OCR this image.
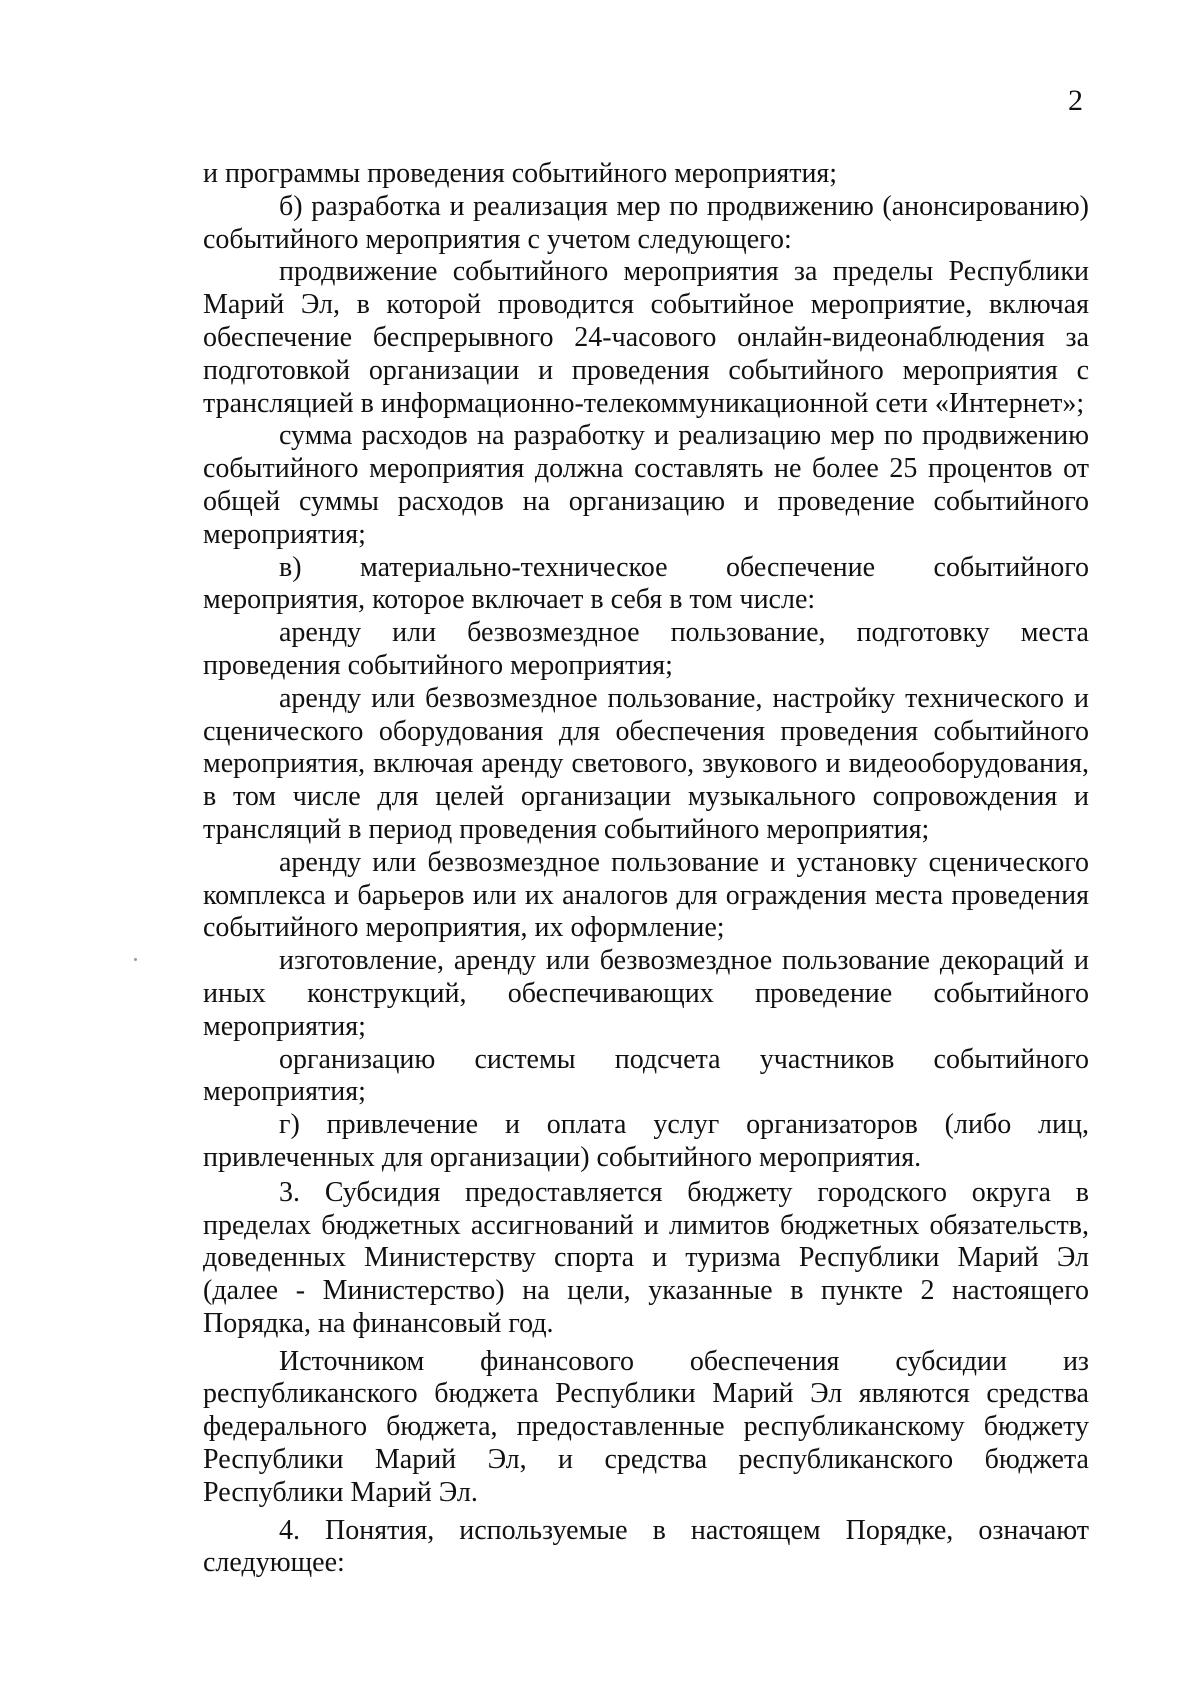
2

и программы проведения событийного мероприятия;

б) разработка и реализация мер по продвижению (анонсированию) событийного мероприятия с учетом следующего:

продвижение событийного мероприятия за пределы Республики Марий Эл, в которой проводится событийное мероприятие, включая обеспечение беспрерывного 24-часового онлайн-видеонаблюдения за подготовкой организации и проведения событийного мероприятия с трансляцией в информационно-телекоммуникационной сети «Интернет»;

сумма расходов на разработку и реализацию мер по продвижению событийного мероприятия должна составлять не более 25 процентов от общей суммы расходов на организацию и проведение событийного мероприятия;

в) материально-техническое обеспечение событийного мероприятия, которое включает в себя в том числе:

аренду или безвозмездное пользование, подготовку места проведения событийного мероприятия;

аренду или безвозмездное пользование, настройку технического и сценического оборудования для обеспечения проведения событийного мероприятия, включая аренду светового, звукового и видеооборудования, в том числе для целей организации музыкального сопровождения и трансляций в период проведения событийного мероприятия;

аренду или безвозмездное пользование и установку сценического комплекса и барьеров или их аналогов для ограждения места проведения событийного мероприятия, их оформление;

изготовление, аренду или безвозмездное пользование декораций и иных конструкций, обеспечивающих проведение событийного мероприятия;

организацию системы подсчета участников событийного мероприятия;

г) привлечение и оплата услуг организаторов (либо лиц, привлеченных для организации) событийного мероприятия.

3. Субсидия предоставляется бюджету городского округа в пределах бюджетных ассигнований и лимитов бюджетных обязательств, доведенных Министерству спорта и туризма Республики Марий Эл (далее - Министерство) на цели, указанные в пункте 2 настоящего Порядка, на финансовый год.

Источником финансового обеспечения субсидии из республиканского бюджета Республики Марий Эл являются средства федерального бюджета, предоставленные республиканскому бюджету Республики Марий Эл, и средства республиканского бюджета Республики Марий Эл.

4. Понятия, используемые в настоящем Порядке, означают следующее:
